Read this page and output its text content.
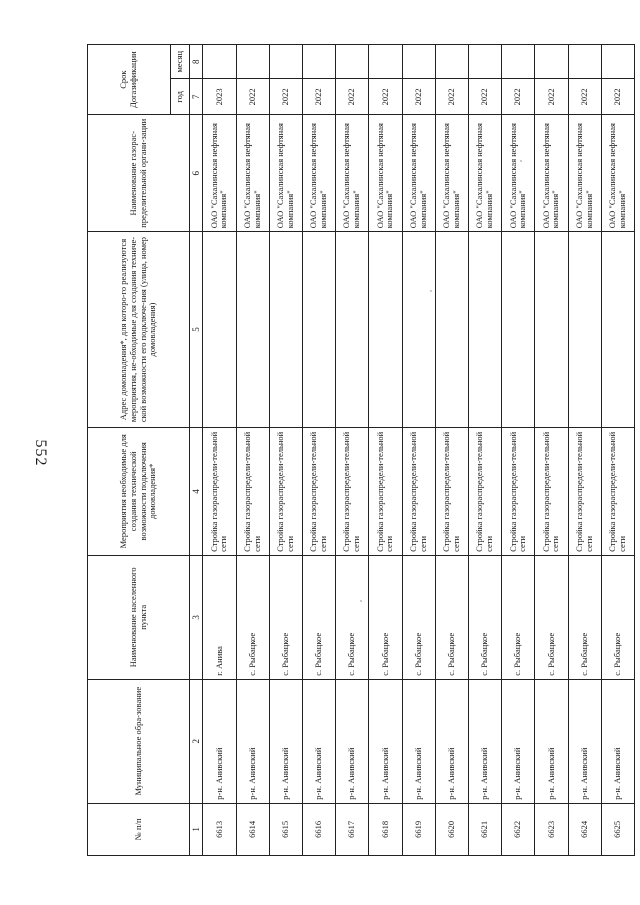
552
№ п/п	Муниципальное обра-зование	Наименование населенного пункта	Мероприятия необходимые для создания технической возможности подключения домовладения*	Адрес домовладения*, для которо-го реализуются мероприятия, не-обходимые для создания техниче-ской возможности его подключе-ния (улица, номер домовладения)	Наименование газорас-пределительной органи-зации	Срок Догазификации	
						год	месяц
1	2	3	4	5	6	7	8
6613	р-н. Анивский	г. Анива	Стройка газораспредели-тельной сети		ОАО "Сахалинская нефтяная компания"	2023	
6614	р-н. Анивский	с. Рыбацкое	Стройка газораспредели-тельной сети		ОАО "Сахалинская нефтяная компания"	2022	
6615	р-н. Анивский	с. Рыбацкое	Стройка газораспредели-тельной сети		ОАО "Сахалинская нефтяная компания"	2022	
6616	р-н. Анивский	с. Рыбацкое	Стройка газораспредели-тельной сети		ОАО "Сахалинская нефтяная компания"	2022	
6617	р-н. Анивский	с. Рыбацкое	Стройка газораспредели-тельной сети		ОАО "Сахалинская нефтяная компания"	2022	
6618	р-н. Анивский	с. Рыбацкое	Стройка газораспредели-тельной сети		ОАО "Сахалинская нефтяная компания"	2022	
6619	р-н. Анивский	с. Рыбацкое	Стройка газораспредели-тельной сети		ОАО "Сахалинская нефтяная компания"	2022	
6620	р-н. Анивский	с. Рыбацкое	Стройка газораспредели-тельной сети		ОАО "Сахалинская нефтяная компания"	2022	
6621	р-н. Анивский	с. Рыбацкое	Стройка газораспредели-тельной сети		ОАО "Сахалинская нефтяная компания"	2022	
6622	р-н. Анивский	с. Рыбацкое	Стройка газораспредели-тельной сети		ОАО "Сахалинская нефтяная компания"	2022	
6623	р-н. Анивский	с. Рыбацкое	Стройка газораспредели-тельной сети		ОАО "Сахалинская нефтяная компания"	2022	
6624	р-н. Анивский	с. Рыбацкое	Стройка газораспредели-тельной сети		ОАО "Сахалинская нефтяная компания"	2022	
6625	р-н. Анивский	с. Рыбацкое	Стройка газораспредели-тельной сети		ОАО "Сахалинская нефтяная компания"	2022	
